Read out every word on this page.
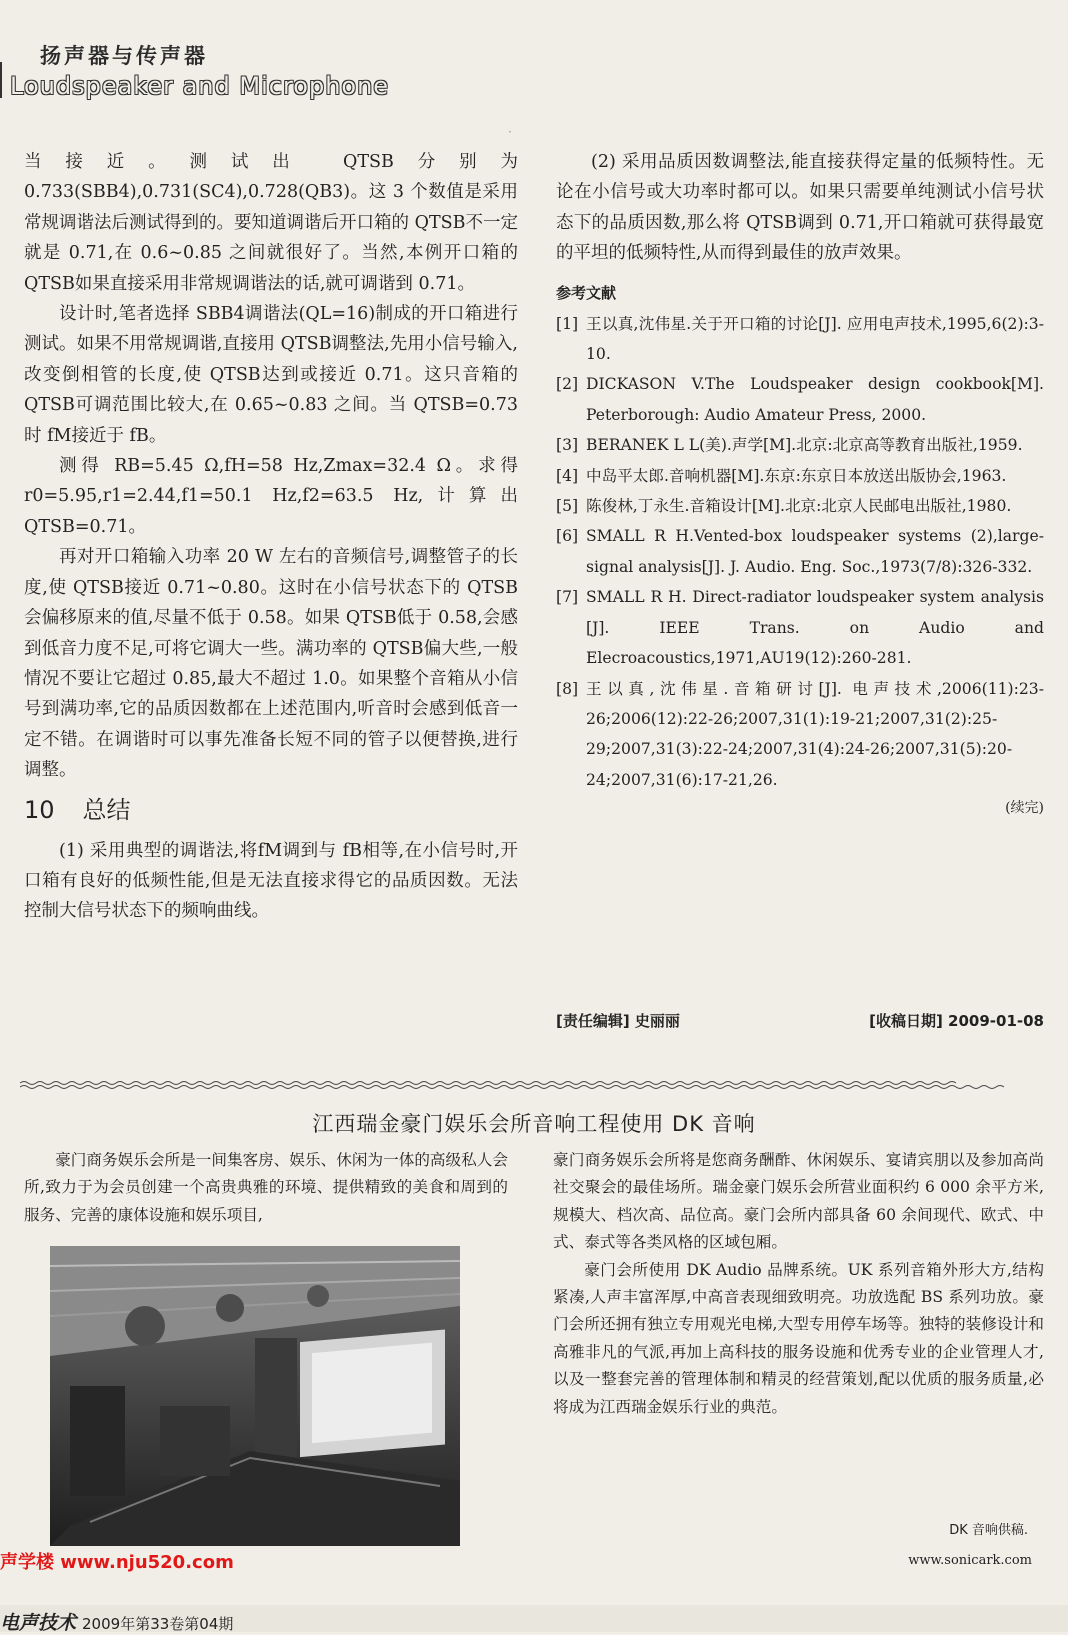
扬声器与传声器
Loudspeaker and Microphone
·

当接近。测试出 QTSB分别为 0.733(SBB4),0.731(SC4),0.728(QB3)。这 3 个数值是采用常规调谐法后测试得到的。要知道调谐后开口箱的 QTSB不一定就是 0.71,在 0.6~0.85 之间就很好了。当然,本例开口箱的 QTSB如果直接采用非常规调谐法的话,就可调谐到 0.71。

设计时,笔者选择 SBB4调谐法(QL=16)制成的开口箱进行测试。如果不用常规调谐,直接用 QTSB调整法,先用小信号输入,改变倒相管的长度,使 QTSB达到或接近 0.71。这只音箱的 QTSB可调范围比较大,在 0.65~0.83 之间。当 QTSB=0.73 时 fM接近于 fB。

测得 RB=5.45 Ω,fH=58 Hz,Zmax=32.4 Ω。求得 r0=5.95,r1=2.44,f1=50.1 Hz,f2=63.5 Hz,计算出 QTSB=0.71。

再对开口箱输入功率 20 W 左右的音频信号,调整管子的长度,使 QTSB接近 0.71~0.80。这时在小信号状态下的 QTSB会偏移原来的值,尽量不低于 0.58。如果 QTSB低于 0.58,会感到低音力度不足,可将它调大一些。满功率的 QTSB偏大些,一般情况不要让它超过 0.85,最大不超过 1.0。如果整个音箱从小信号到满功率,它的品质因数都在上述范围内,听音时会感到低音一定不错。在调谐时可以事先准备长短不同的管子以便替换,进行调整。

10 总结

(1) 采用典型的调谐法,将fM调到与 fB相等,在小信号时,开口箱有良好的低频性能,但是无法直接求得它的品质因数。无法控制大信号状态下的频响曲线。

(2) 采用品质因数调整法,能直接获得定量的低频特性。无论在小信号或大功率时都可以。如果只需要单纯测试小信号状态下的品质因数,那么将 QTSB调到 0.71,开口箱就可获得最宽的平坦的低频特性,从而得到最佳的放声效果。

参考文献

[1] 王以真,沈伟星.关于开口箱的讨论[J]. 应用电声技术,1995,6(2):3-10.
[2] DICKASON V.The Loudspeaker design cookbook[M]. Peterborough: Audio Amateur Press, 2000.
[3] BERANEK L L(美).声学[M].北京:北京高等教育出版社,1959.
[4] 中岛平太郎.音响机器[M].东京:东京日本放送出版协会,1963.
[5] 陈俊林,丁永生.音箱设计[M].北京:北京人民邮电出版社,1980.
[6] SMALL R H.Vented-box loudspeaker systems (2),large-signal analysis[J]. J. Audio. Eng. Soc.,1973(7/8):326-332.
[7] SMALL R H. Direct-radiator loudspeaker system analysis [J]. IEEE Trans. on Audio and Elecroacoustics,1971,AU19(12):260-281.
[8] 王以真,沈伟星.音箱研讨[J]. 电声技术,2006(11):23-26;2006(12):22-26;2007,31(1):19-21;2007,31(2):25-29;2007,31(3):22-24;2007,31(4):24-26;2007,31(5):20-24;2007,31(6):17-21,26.

(续完)

[责任编辑] 史丽丽	[收稿日期] 2009-01-08
江西瑞金豪门娱乐会所音响工程使用 DK 音响

豪门商务娱乐会所是一间集客房、娱乐、休闲为一体的高级私人会所,致力于为会员创建一个高贵典雅的环境、提供精致的美食和周到的服务、完善的康体设施和娱乐项目,

豪门商务娱乐会所将是您商务酬酢、休闲娱乐、宴请宾朋以及参加高尚社交聚会的最佳场所。瑞金豪门娱乐会所营业面积约 6 000 余平方米,规模大、档次高、品位高。豪门会所内部具备 60 余间现代、欧式、中式、泰式等各类风格的区域包厢。

豪门会所使用 DK Audio 品牌系统。UK 系列音箱外形大方,结构紧凑,人声丰富浑厚,中高音表现细致明亮。功放选配 BS 系列功放。豪门会所还拥有独立专用观光电梯,大型专用停车场等。独特的装修设计和高雅非凡的气派,再加上高科技的服务设施和优秀专业的企业管理人才,以及一整套完善的管理体制和精灵的经营策划,配以优质的服务质量,必将成为江西瑞金娱乐行业的典范。

DK 音响供稿.
www.sonicark.com
声学楼 www.nju520.com
电声技术 2009年第33卷第04期
